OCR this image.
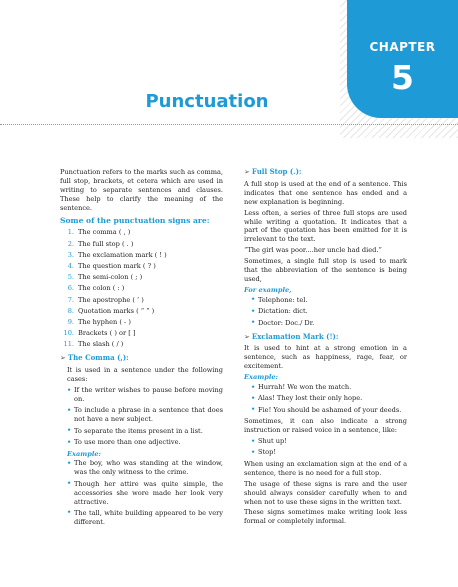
CHAPTER
5
Punctuation

Punctuation refers to the marks such as comma, full stop, brackets, et cetera which are used in writing to separate sentences and clauses. These help to clarify the meaning of the sentence.

Some of the punctuation signs are:
1. The comma ( , )
2. The full stop ( . )
3. The exclamation mark ( ! )
4. The question mark ( ? )
5. The semi-colon ( ; )
6. The colon ( : )
7. The apostrophe ( ’ )
8. Quotation marks ( “ ” )
9. The hyphen ( - )
10. Brackets ( ) or [ ]
11. The slash ( / )
➢ The Comma (,):

It is used in a sentence under the following cases:

• If the writer wishes to pause before moving on.
• To include a phrase in a sentence that does not have a new subject.
• To separate the items present in a list.
• To use more than one adjective.
Example:
• The boy, who was standing at the window, was the only witness to the crime.
• Though her attire was quite simple, the accessories she wore made her look very attractive.
• The tall, white building appeared to be very different.
➢ Full Stop (.):

A full stop is used at the end of a sentence. This indicates that one sentence has ended and a new explanation is beginning.

Less often, a series of three full stops are used while writing a quotation. It indicates that a part of the quotation has been emitted for it is irrelevant to the text.

“The girl was poor....her uncle had died.”

Sometimes, a single full stop is used to mark that the abbreviation of the sentence is being used,

For example,
• Telephone: tel.
• Dictation: dict.
• Doctor: Doc./ Dr.
➢ Exclamation Mark (!):

It is used to hint at a strong emotion in a sentence, such as happiness, rage, fear, or excitement.

Example:
• Hurrah! We won the match.
• Alas! They lost their only hope.
• Fie! You should be ashamed of your deeds.

Sometimes, it can also indicate a strong instruction or raised voice in a sentence, like:

• Shut up!
• Stop!

When using an exclamation sign at the end of a sentence, there is no need for a full stop.

The usage of these signs is rare and the user should always consider carefully when to and when not to use these signs in the written text.

These signs sometimes make writing look less formal or completely informal.
